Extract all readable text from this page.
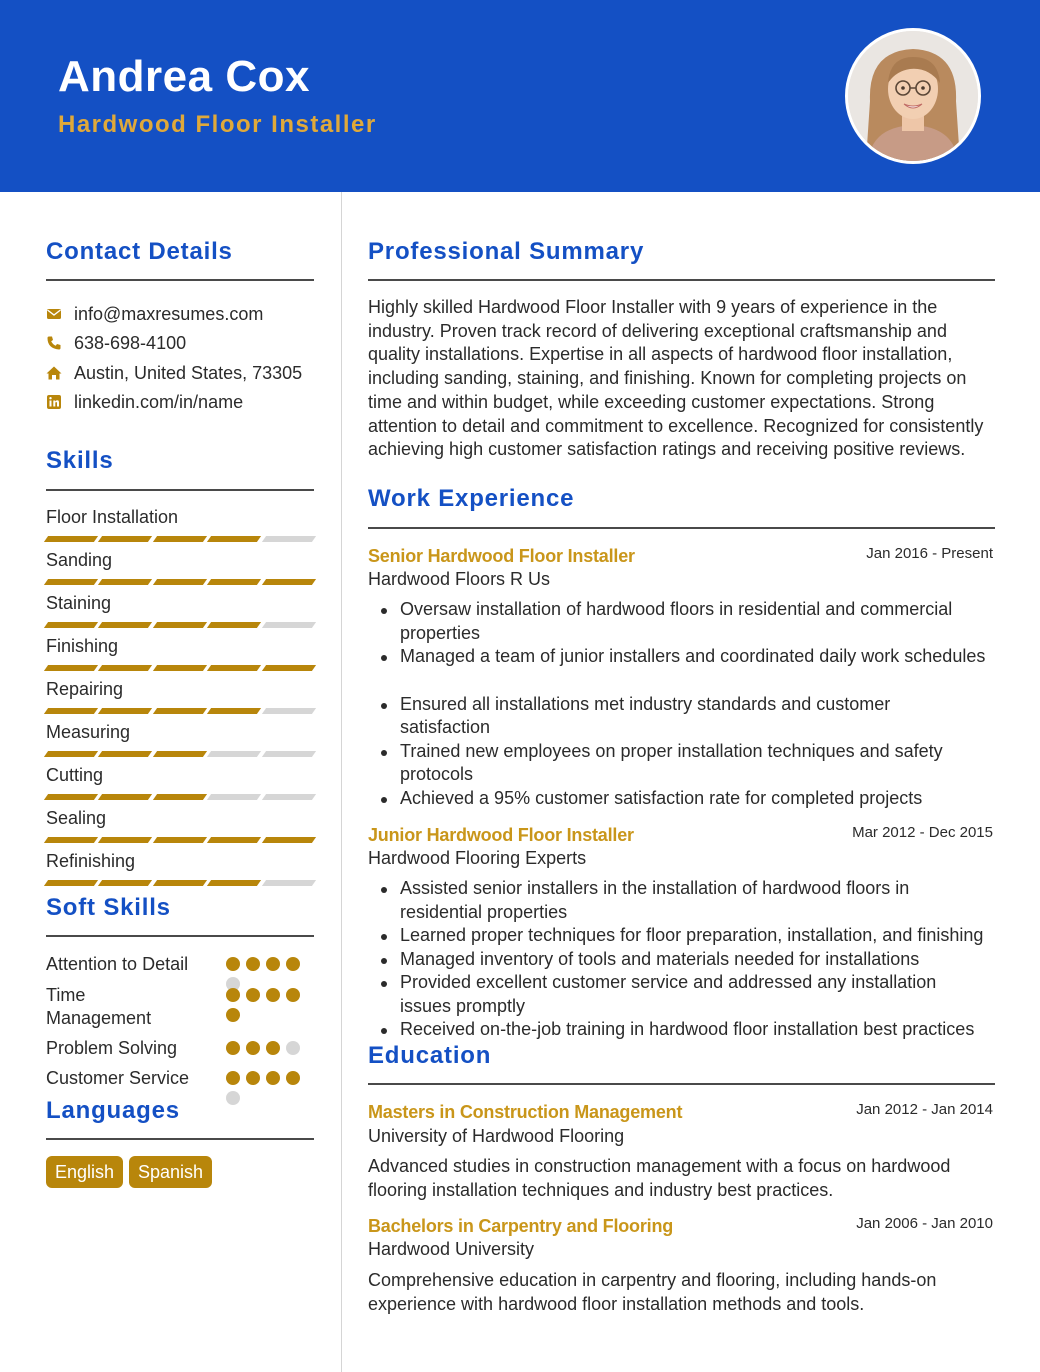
Andrea Cox
Hardwood Floor Installer
Contact Details
info@maxresumes.com
638-698-4100
Austin, United States, 73305
linkedin.com/in/name
Skills
Floor Installation
Sanding
Staining
Finishing
Repairing
Measuring
Cutting
Sealing
Refinishing
Soft Skills
Attention to Detail
Time Management
Problem Solving
Customer Service
Languages
English	Spanish
Professional Summary
Highly skilled Hardwood Floor Installer with 9 years of experience in the industry. Proven track record of delivering exceptional craftsmanship and quality installations. Expertise in all aspects of hardwood floor installation, including sanding, staining, and finishing. Known for completing projects on time and within budget, while exceeding customer expectations. Strong attention to detail and commitment to excellence. Recognized for consistently achieving high customer satisfaction ratings and receiving positive reviews.
Work Experience
Senior Hardwood Floor Installer	Jan 2016 - Present
Hardwood Floors R Us
Oversaw installation of hardwood floors in residential and commercial properties
Managed a team of junior installers and coordinated daily work schedules
Ensured all installations met industry standards and customer satisfaction
Trained new employees on proper installation techniques and safety protocols
Achieved a 95% customer satisfaction rate for completed projects
Junior Hardwood Floor Installer	Mar 2012 - Dec 2015
Hardwood Flooring Experts
Assisted senior installers in the installation of hardwood floors in residential properties
Learned proper techniques for floor preparation, installation, and finishing
Managed inventory of tools and materials needed for installations
Provided excellent customer service and addressed any installation issues promptly
Received on-the-job training in hardwood floor installation best practices
Education
Masters in Construction Management	Jan 2012 - Jan 2014
University of Hardwood Flooring
Advanced studies in construction management with a focus on hardwood flooring installation techniques and industry best practices.
Bachelors in Carpentry and Flooring	Jan 2006 - Jan 2010
Hardwood University
Comprehensive education in carpentry and flooring, including hands-on experience with hardwood floor installation methods and tools.
